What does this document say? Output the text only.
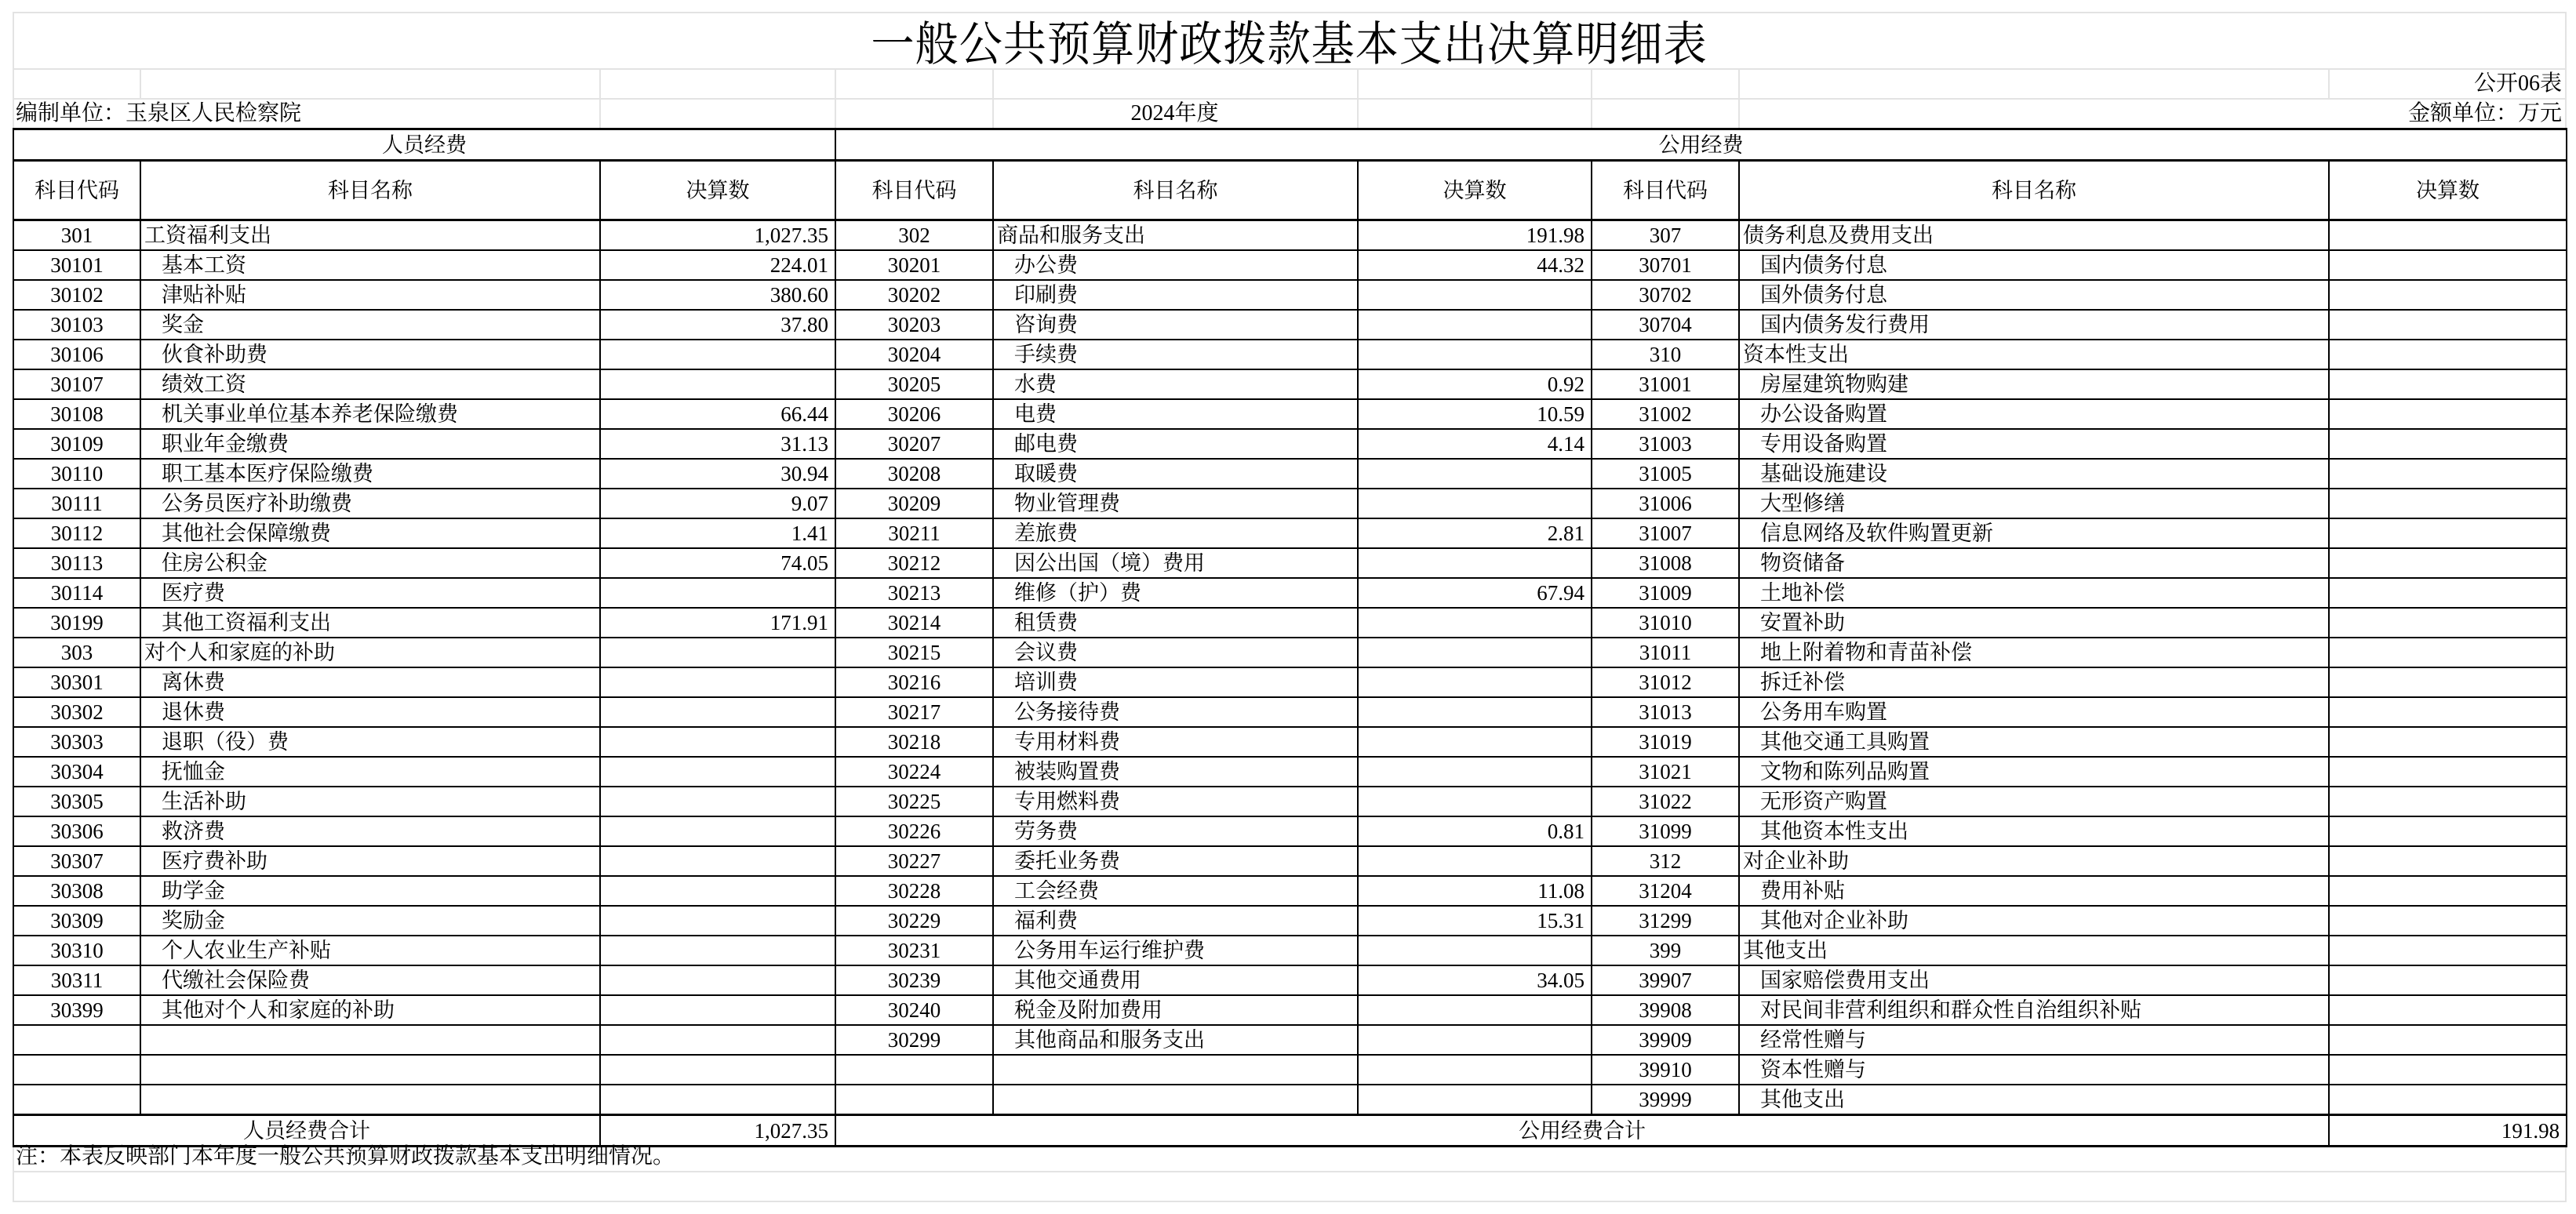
一般公共预算财政拨款基本支出决算明细表
公开06表
编制单位：玉泉区人民检察院	2024年度	金额单位：万元
人员经费			公用经费					
科目代码	科目名称	决算数	科目代码	科目名称	决算数	科目代码	科目名称	决算数
301	工资福利支出	1,027.35	302	商品和服务支出	191.98	307	债务利息及费用支出	
30101	基本工资	224.01	30201	办公费	44.32	30701	国内债务付息	
30102	津贴补贴	380.60	30202	印刷费		30702	国外债务付息	
30103	奖金	37.80	30203	咨询费		30704	国内债务发行费用	
30106	伙食补助费		30204	手续费		310	资本性支出	
30107	绩效工资		30205	水费	0.92	31001	房屋建筑物购建	
30108	机关事业单位基本养老保险缴费	66.44	30206	电费	10.59	31002	办公设备购置	
30109	职业年金缴费	31.13	30207	邮电费	4.14	31003	专用设备购置	
30110	职工基本医疗保险缴费	30.94	30208	取暖费		31005	基础设施建设	
30111	公务员医疗补助缴费	9.07	30209	物业管理费		31006	大型修缮	
30112	其他社会保障缴费	1.41	30211	差旅费	2.81	31007	信息网络及软件购置更新	
30113	住房公积金	74.05	30212	因公出国（境）费用		31008	物资储备	
30114	医疗费		30213	维修（护）费	67.94	31009	土地补偿	
30199	其他工资福利支出	171.91	30214	租赁费		31010	安置补助	
303	对个人和家庭的补助		30215	会议费		31011	地上附着物和青苗补偿	
30301	离休费		30216	培训费		31012	拆迁补偿	
30302	退休费		30217	公务接待费		31013	公务用车购置	
30303	退职（役）费		30218	专用材料费		31019	其他交通工具购置	
30304	抚恤金		30224	被装购置费		31021	文物和陈列品购置	
30305	生活补助		30225	专用燃料费		31022	无形资产购置	
30306	救济费		30226	劳务费	0.81	31099	其他资本性支出	
30307	医疗费补助		30227	委托业务费		312	对企业补助	
30308	助学金		30228	工会经费	11.08	31204	费用补贴	
30309	奖励金		30229	福利费	15.31	31299	其他对企业补助	
30310	个人农业生产补贴		30231	公务用车运行维护费		399	其他支出	
30311	代缴社会保险费		30239	其他交通费用	34.05	39907	国家赔偿费用支出	
30399	其他对个人和家庭的补助		30240	税金及附加费用		39908	对民间非营利组织和群众性自治组织补贴	
			30299	其他商品和服务支出		39909	经常性赠与	
						39910	资本性赠与	
						39999	其他支出	
人员经费合计		1,027.35	公用经费合计					191.98
注：本表反映部门本年度一般公共预算财政拨款基本支出明细情况。
